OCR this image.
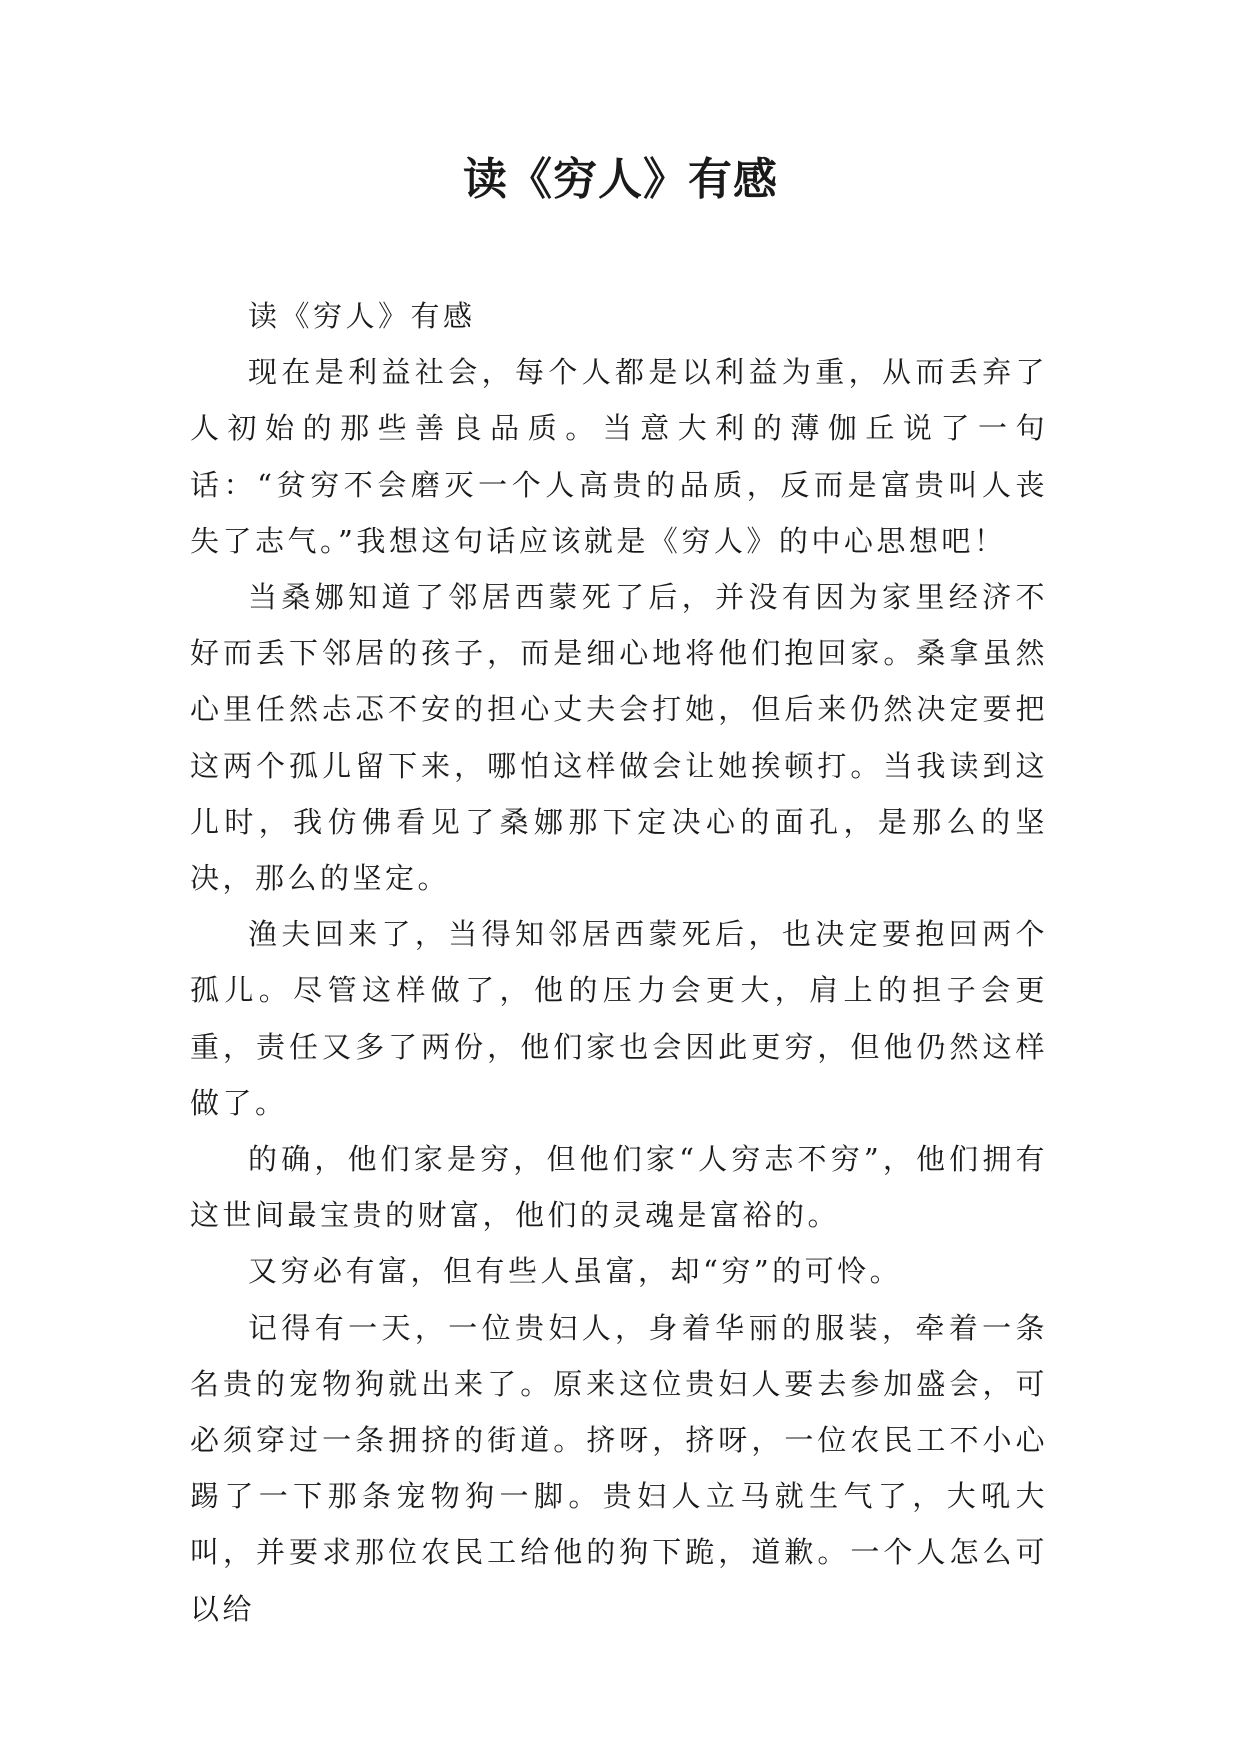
读《穷人》有感

读《穷人》有感

现在是利益社会，每个人都是以利益为重，从而丢弃了人初始的那些善良品质。当意大利的薄伽丘说了一句话：“贫穷不会磨灭一个人高贵的品质，反而是富贵叫人丧失了志气。”我想这句话应该就是《穷人》的中心思想吧！

当桑娜知道了邻居西蒙死了后，并没有因为家里经济不好而丢下邻居的孩子，而是细心地将他们抱回家。桑拿虽然心里任然忐忑不安的担心丈夫会打她，但后来仍然决定要把这两个孤儿留下来，哪怕这样做会让她挨顿打。当我读到这儿时，我仿佛看见了桑娜那下定决心的面孔，是那么的坚决，那么的坚定。

渔夫回来了，当得知邻居西蒙死后，也决定要抱回两个孤儿。尽管这样做了，他的压力会更大，肩上的担子会更重，责任又多了两份，他们家也会因此更穷，但他仍然这样做了。

的确，他们家是穷，但他们家“人穷志不穷”，他们拥有这世间最宝贵的财富，他们的灵魂是富裕的。

又穷必有富，但有些人虽富，却“穷”的可怜。

记得有一天，一位贵妇人，身着华丽的服装，牵着一条名贵的宠物狗就出来了。原来这位贵妇人要去参加盛会，可必须穿过一条拥挤的街道。挤呀，挤呀，一位农民工不小心踢了一下那条宠物狗一脚。贵妇人立马就生气了，大吼大叫，并要求那位农民工给他的狗下跪，道歉。一个人怎么可以给
